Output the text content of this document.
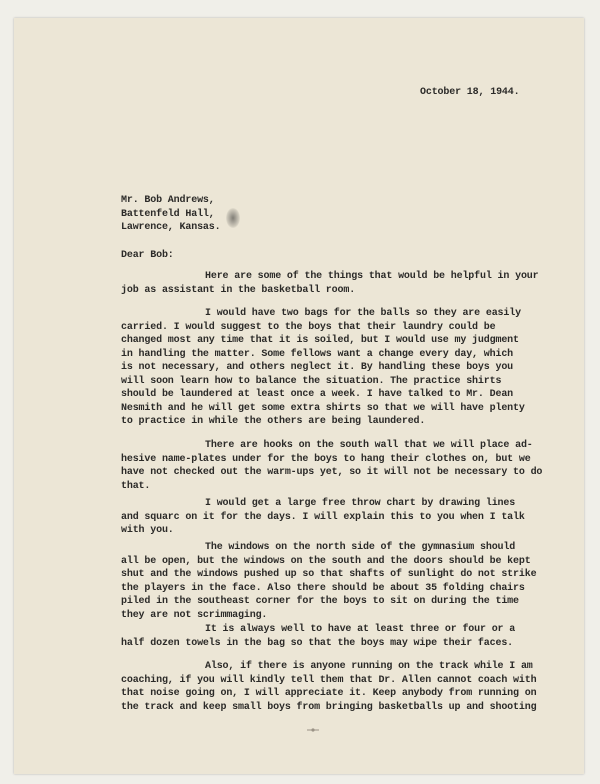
October 18, 1944.
Mr. Bob Andrews,
Battenfeld Hall,
Lawrence, Kansas.
Dear Bob:
Here are some of the things that would be helpful in your
job as assistant in the basketball room.
I would have two bags for the balls so they are easily
carried. I would suggest to the boys that their laundry could be
changed most any time that it is soiled, but I would use my judgment
in handling the matter. Some fellows want a change every day, which
is not necessary, and others neglect it. By handling these boys you
will soon learn how to balance the situation. The practice shirts
should be laundered at least once a week. I have talked to Mr. Dean
Nesmith and he will get some extra shirts so that we will have plenty
to practice in while the others are being laundered.
There are hooks on the south wall that we will place ad-
hesive name-plates under for the boys to hang their clothes on, but we
have not checked out the warm-ups yet, so it will not be necessary to do
that.
I would get a large free throw chart by drawing lines
and squarc on it for the days. I will explain this to you when I talk
with you.
The windows on the north side of the gymnasium should
all be open, but the windows on the south and the doors should be kept
shut and the windows pushed up so that shafts of sunlight do not strike
the players in the face. Also there should be about 35 folding chairs
piled in the southeast corner for the boys to sit on during the time
they are not scrimmaging.
It is always well to have at least three or four or a
half dozen towels in the bag so that the boys may wipe their faces.
Also, if there is anyone running on the track while I am
coaching, if you will kindly tell them that Dr. Allen cannot coach with
that noise going on, I will appreciate it. Keep anybody from running on
the track and keep small boys from bringing basketballs up and shooting
